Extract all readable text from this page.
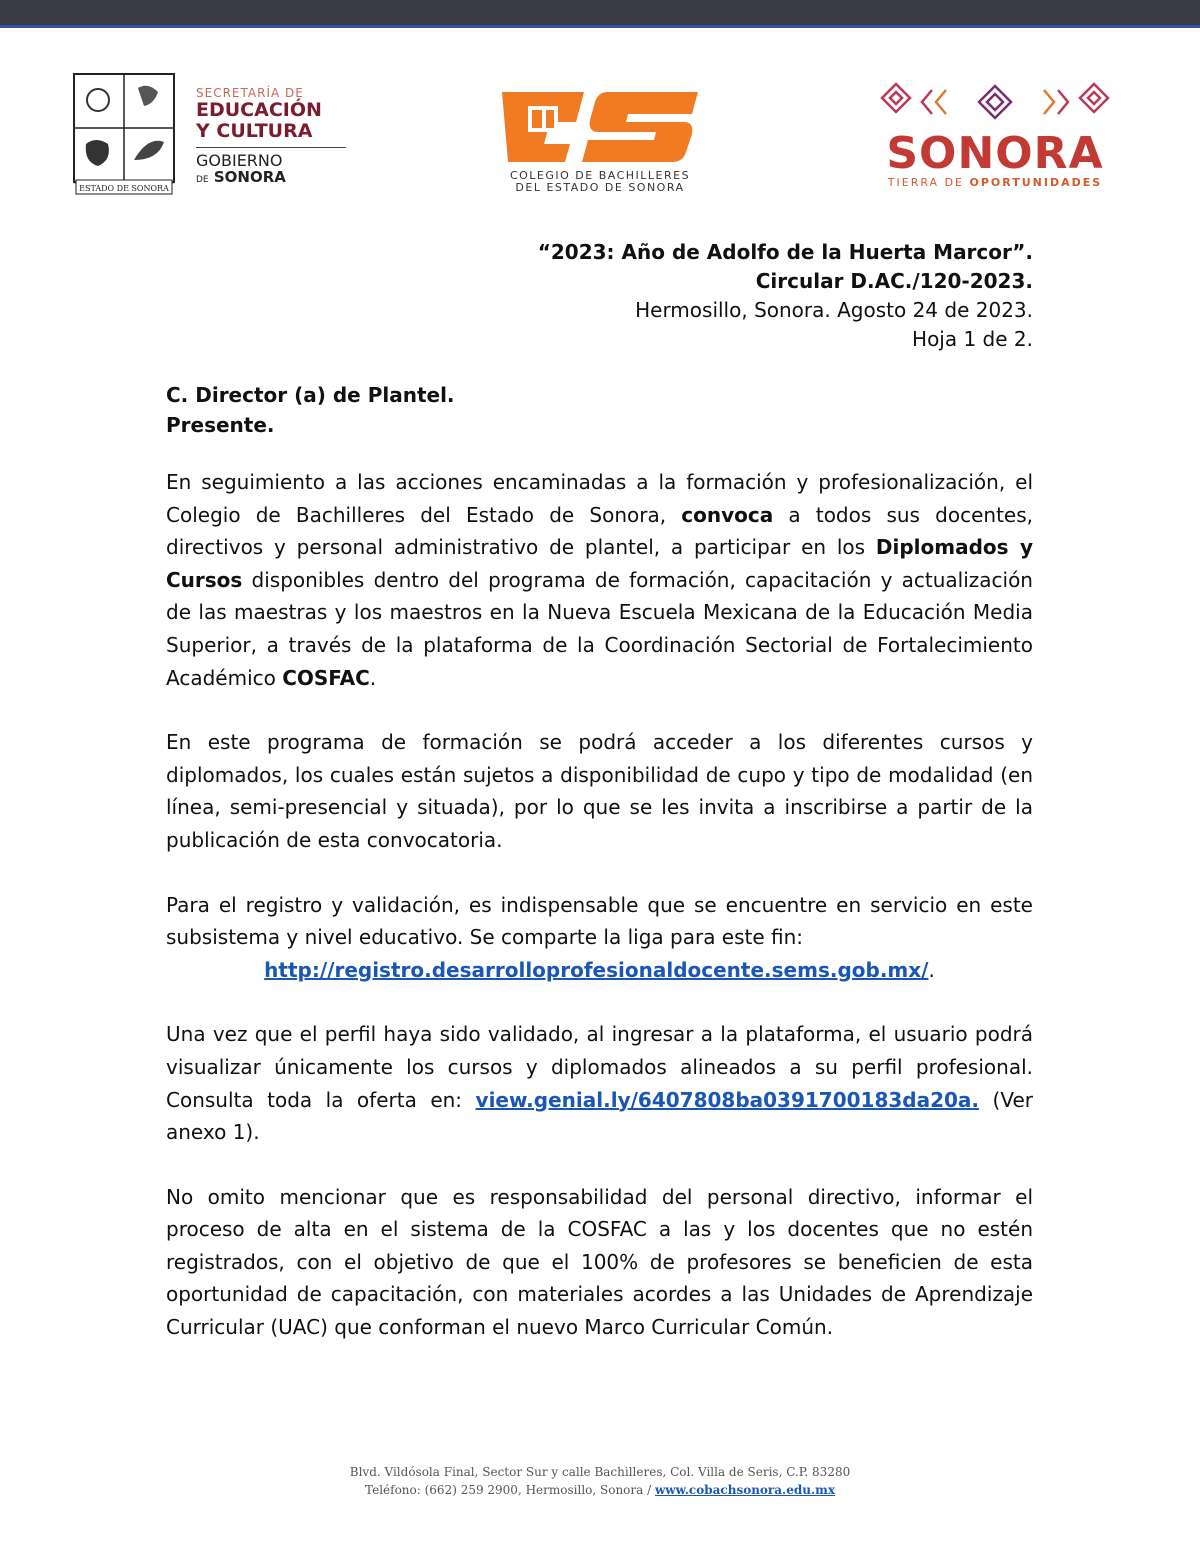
ESTADO DE SONORA
SECRETARÍA DE
EDUCACIÓN
Y CULTURA
GOBIERNO
DE SONORA	COLEGIO DE BACHILLERES
DEL ESTADO DE SONORA
SONORA
TIERRA DE OPORTUNIDADES
“2023: Año de Adolfo de la Huerta Marcor”.
Circular D.AC./120-2023.
Hermosillo, Sonora. Agosto 24 de 2023.
Hoja 1 de 2.
C. Director (a) de Plantel.
Presente.

En seguimiento a las acciones encaminadas a la formación y profesionalización, el Colegio de Bachilleres del Estado de Sonora, convoca a todos sus docentes, directivos y personal administrativo de plantel, a participar en los Diplomados y Cursos disponibles dentro del programa de formación, capacitación y actualización de las maestras y los maestros en la Nueva Escuela Mexicana de la Educación Media Superior, a través de la plataforma de la Coordinación Sectorial de Fortalecimiento Académico COSFAC.

En este programa de formación se podrá acceder a los diferentes cursos y diplomados, los cuales están sujetos a disponibilidad de cupo y tipo de modalidad (en línea, semi-presencial y situada), por lo que se les invita a inscribirse a partir de la publicación de esta convocatoria.

Para el registro y validación, es indispensable que se encuentre en servicio en este subsistema y nivel educativo. Se comparte la liga para este fin:

http://registro.desarrolloprofesionaldocente.sems.gob.mx/.

Una vez que el perfil haya sido validado, al ingresar a la plataforma, el usuario podrá visualizar únicamente los cursos y diplomados alineados a su perfil profesional. Consulta toda la oferta en: view.genial.ly/6407808ba0391700183da20a. (Ver anexo 1).

No omito mencionar que es responsabilidad del personal directivo, informar el proceso de alta en el sistema de la COSFAC a las y los docentes que no estén registrados, con el objetivo de que el 100% de profesores se beneficien de esta oportunidad de capacitación, con materiales acordes a las Unidades de Aprendizaje Curricular (UAC) que conforman el nuevo Marco Curricular Común.

Blvd. Vildósola Final, Sector Sur y calle Bachilleres, Col. Villa de Seris, C.P. 83280
Teléfono: (662) 259 2900, Hermosillo, Sonora / www.cobachsonora.edu.mx
